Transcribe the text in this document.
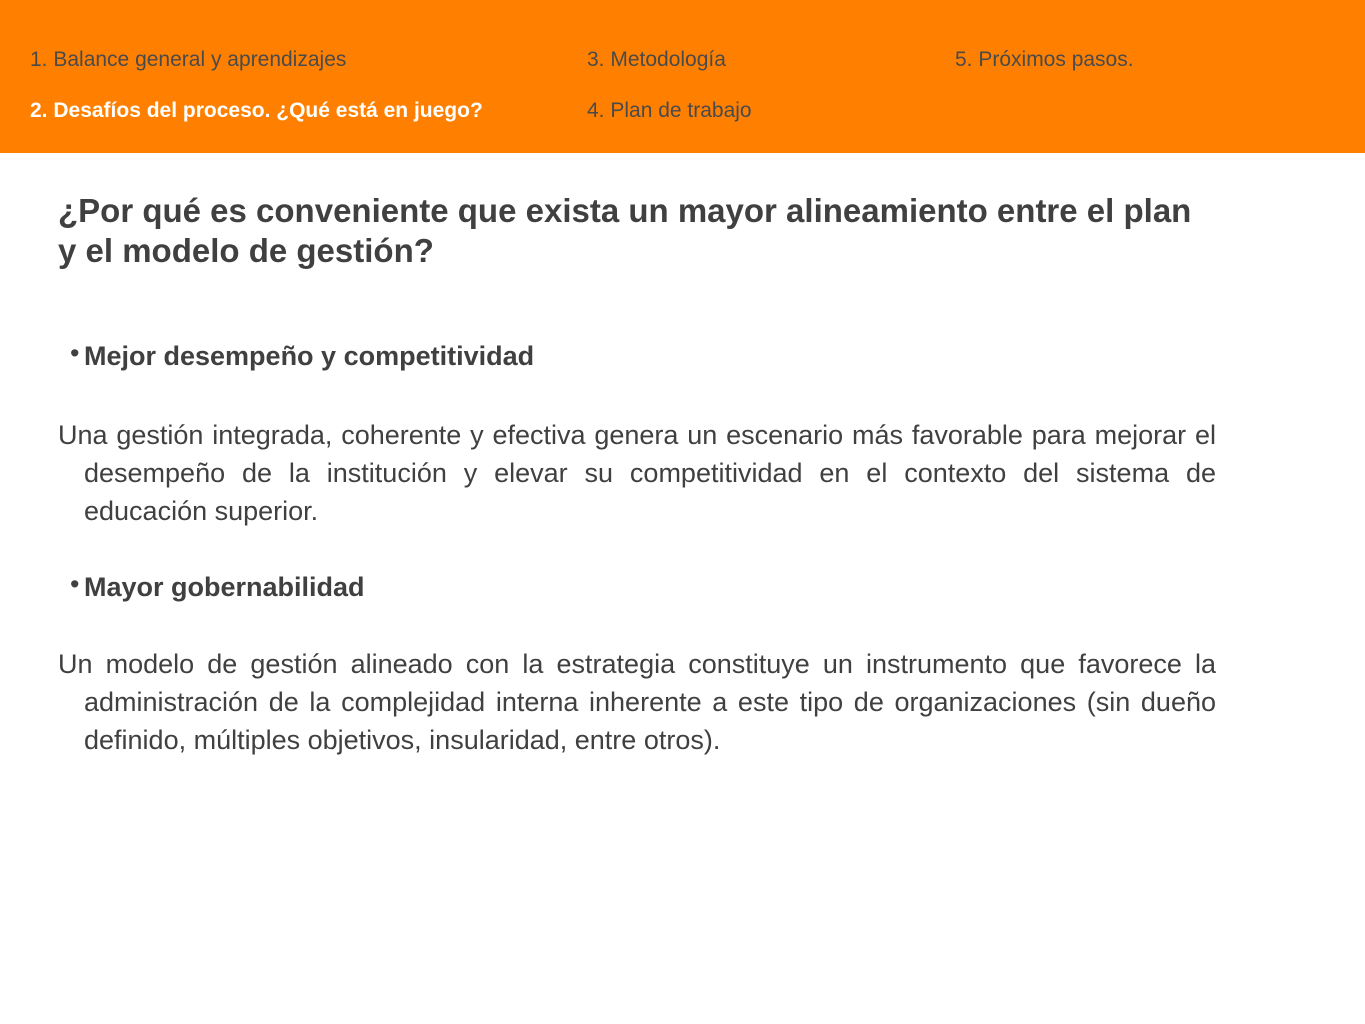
1. Balance general y aprendizajes
2. Desafíos del proceso. ¿Qué está en juego?
3. Metodología
4. Plan de trabajo
5. Próximos pasos.
¿Por qué es conveniente que exista un mayor alineamiento entre el plan y el modelo de gestión?
• Mejor desempeño y competitividad

Una gestión integrada, coherente y efectiva genera un escenario más favorable para mejorar el desempeño de la institución y elevar su competitividad en el contexto del sistema de educación superior.

• Mayor gobernabilidad

Un modelo de gestión alineado con la estrategia constituye un instrumento que favorece la administración de la complejidad interna inherente a este tipo de organizaciones (sin dueño definido, múltiples objetivos, insularidad, entre otros).
